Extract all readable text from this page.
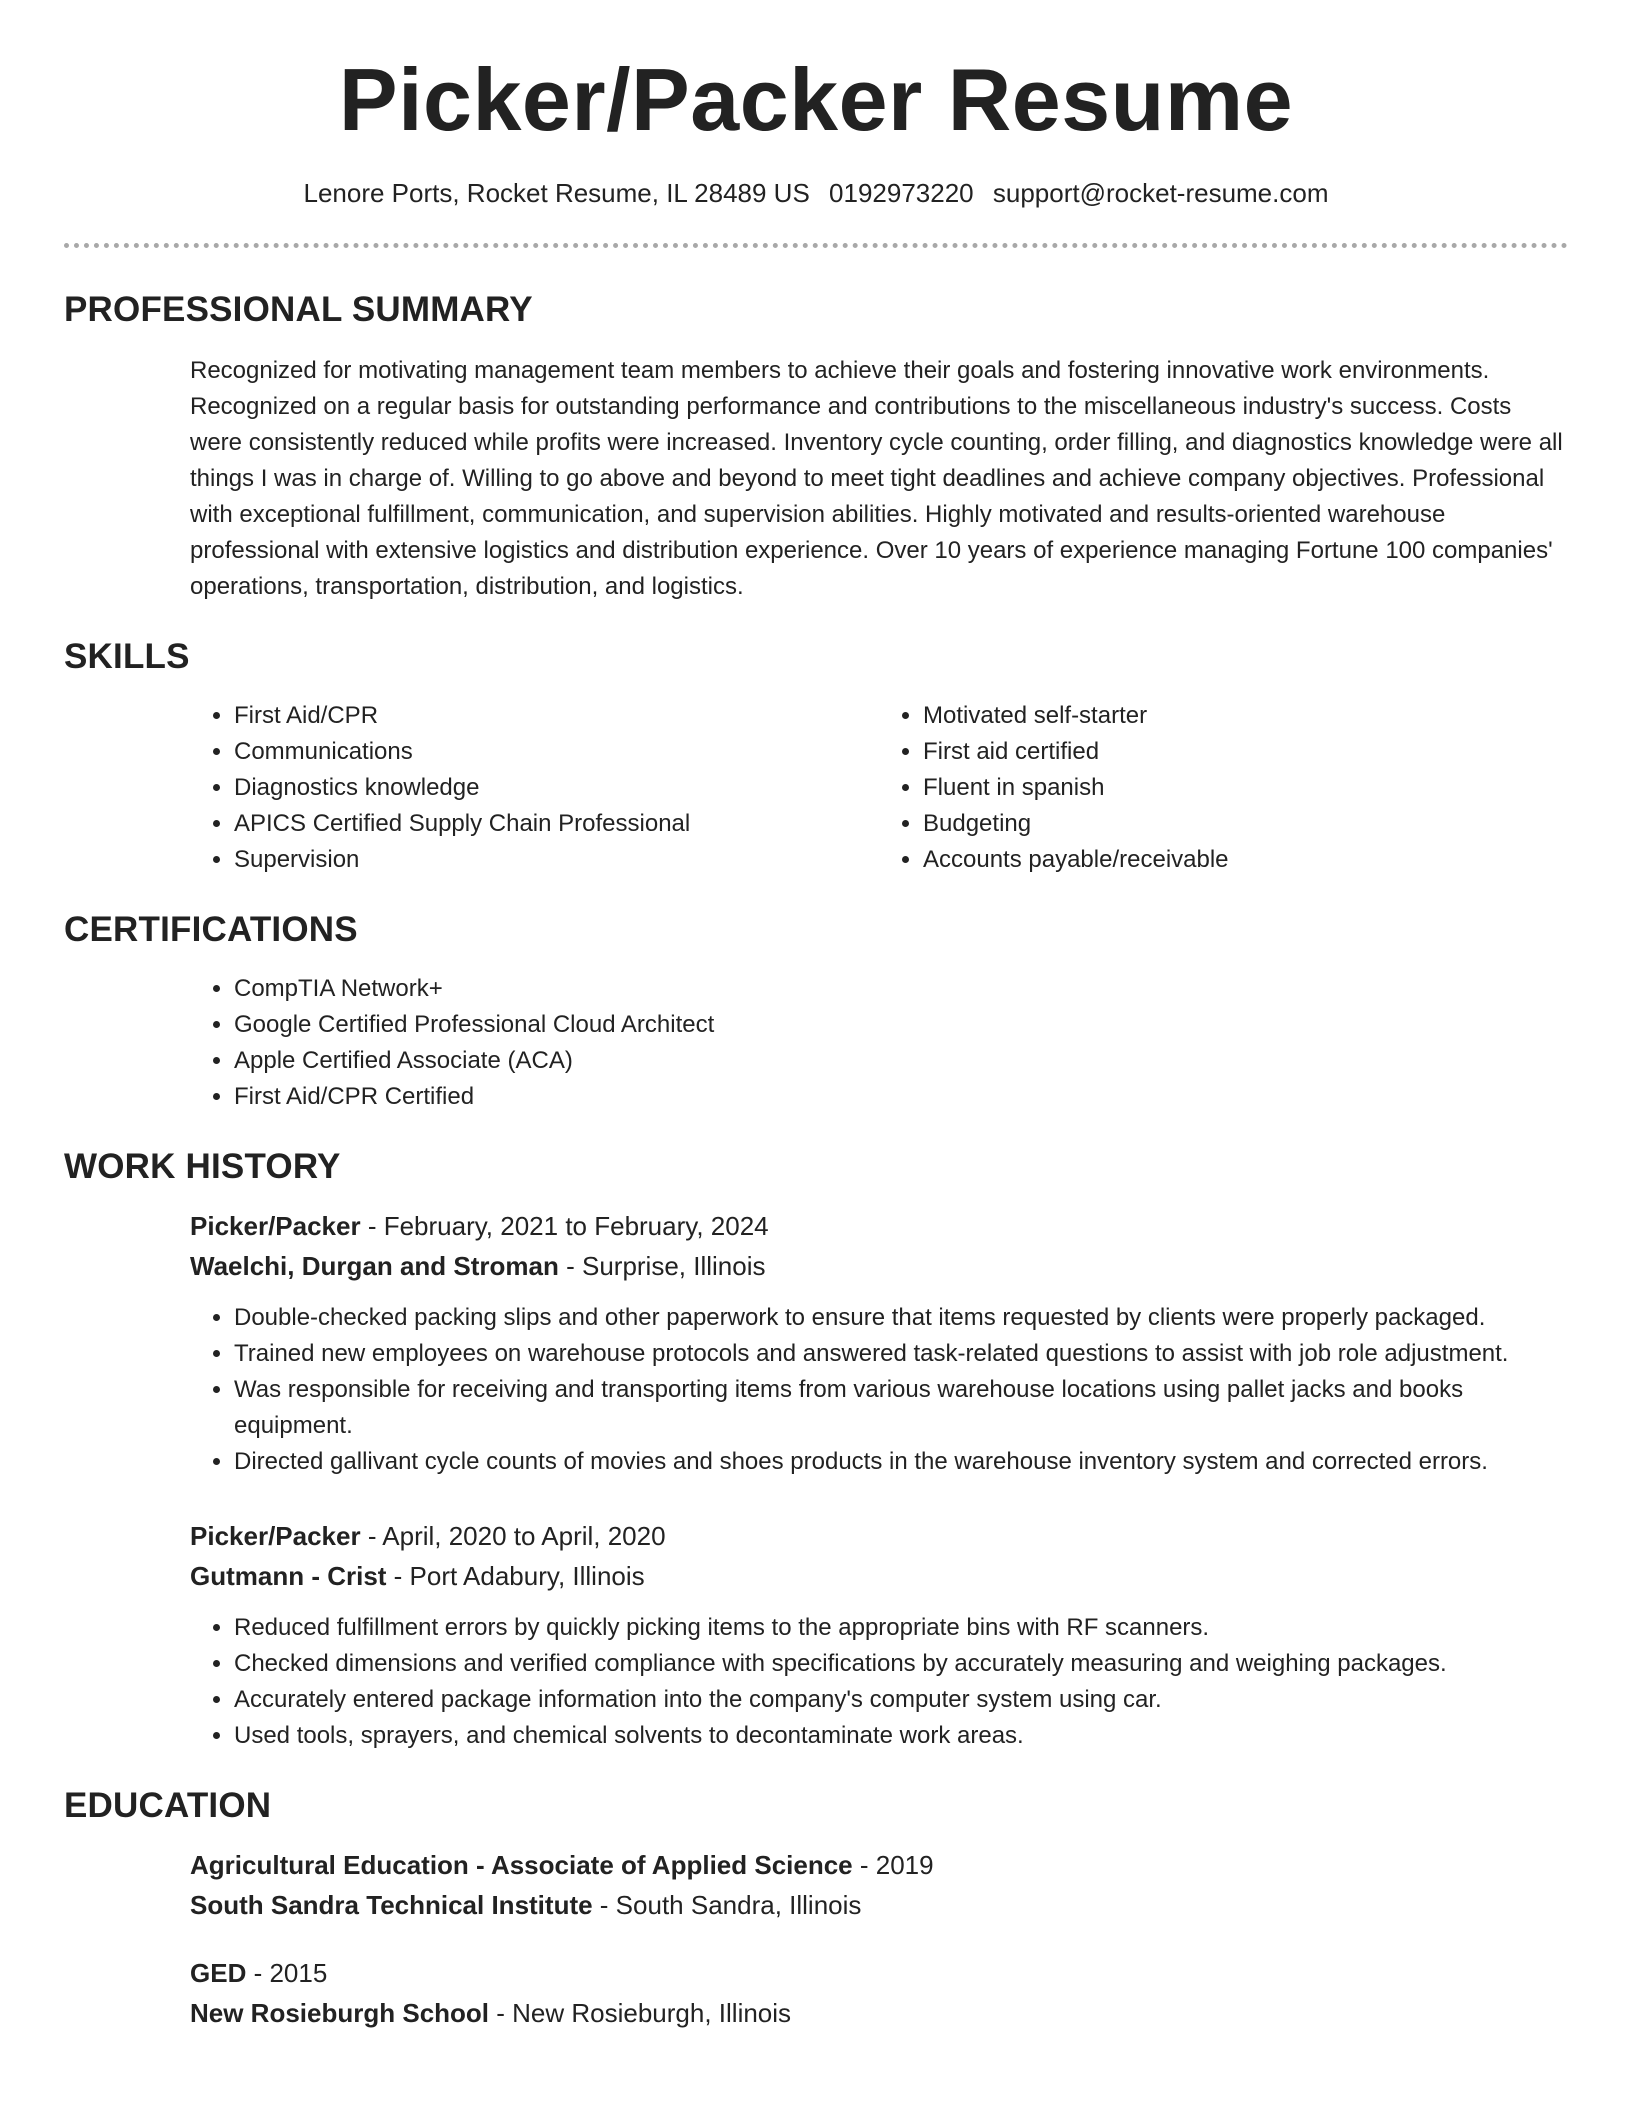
Picker/Packer Resume
Lenore Ports, Rocket Resume, IL 28489 US 0192973220 support@rocket-resume.com
PROFESSIONAL SUMMARY

Recognized for motivating management team members to achieve their goals and fostering innovative work environments. Recognized on a regular basis for outstanding performance and contributions to the miscellaneous industry's success. Costs were consistently reduced while profits were increased. Inventory cycle counting, order filling, and diagnostics knowledge were all things I was in charge of. Willing to go above and beyond to meet tight deadlines and achieve company objectives. Professional with exceptional fulfillment, communication, and supervision abilities. Highly motivated and results-oriented warehouse professional with extensive logistics and distribution experience. Over 10 years of experience managing Fortune 100 companies' operations, transportation, distribution, and logistics.

SKILLS
• First Aid/CPR
• Communications
• Diagnostics knowledge
• APICS Certified Supply Chain Professional
• Supervision
• Motivated self-starter
• First aid certified
• Fluent in spanish
• Budgeting
• Accounts payable/receivable
CERTIFICATIONS
• CompTIA Network+
• Google Certified Professional Cloud Architect
• Apple Certified Associate (ACA)
• First Aid/CPR Certified
WORK HISTORY
Picker/Packer - February, 2021 to February, 2024
Waelchi, Durgan and Stroman - Surprise, Illinois
• Double-checked packing slips and other paperwork to ensure that items requested by clients were properly packaged.
• Trained new employees on warehouse protocols and answered task-related questions to assist with job role adjustment.
• Was responsible for receiving and transporting items from various warehouse locations using pallet jacks and books equipment.
• Directed gallivant cycle counts of movies and shoes products in the warehouse inventory system and corrected errors.
Picker/Packer - April, 2020 to April, 2020
Gutmann - Crist - Port Adabury, Illinois
• Reduced fulfillment errors by quickly picking items to the appropriate bins with RF scanners.
• Checked dimensions and verified compliance with specifications by accurately measuring and weighing packages.
• Accurately entered package information into the company's computer system using car.
• Used tools, sprayers, and chemical solvents to decontaminate work areas.
EDUCATION
Agricultural Education - Associate of Applied Science - 2019
South Sandra Technical Institute - South Sandra, Illinois
GED - 2015
New Rosieburgh School - New Rosieburgh, Illinois
